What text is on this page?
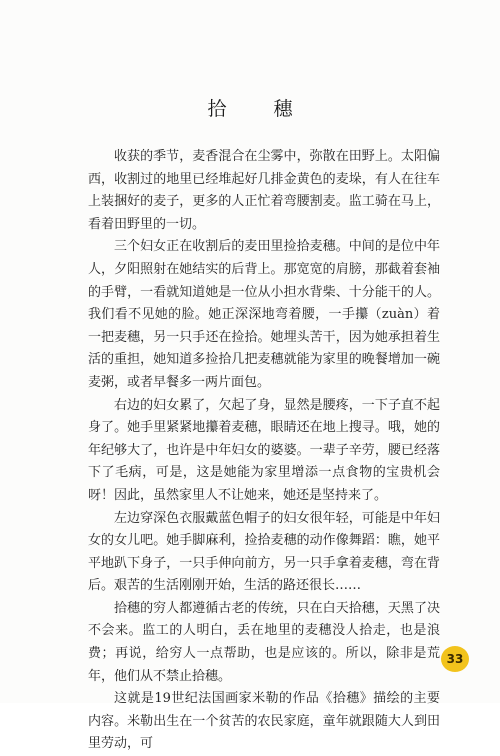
拾　穗

收获的季节，麦香混合在尘雾中，弥散在田野上。太阳偏西，收割过的地里已经堆起好几排金黄色的麦垛，有人在往车上装捆好的麦子，更多的人正忙着弯腰割麦。监工骑在马上，看着田野里的一切。

三个妇女正在收割后的麦田里捡拾麦穗。中间的是位中年人，夕阳照射在她结实的后背上。那宽宽的肩膀，那截着套袖的手臂，一看就知道她是一位从小担水背柴、十分能干的人。我们看不见她的脸。她正深深地弯着腰，一手攥（zuàn）着一把麦穗，另一只手还在捡拾。她埋头苦干，因为她承担着生活的重担，她知道多捡拾几把麦穗就能为家里的晚餐增加一碗麦粥，或者早餐多一两片面包。

右边的妇女累了，欠起了身，显然是腰疼，一下子直不起身了。她手里紧紧地攥着麦穗，眼睛还在地上搜寻。哦，她的年纪够大了，也许是中年妇女的婆婆。一辈子辛劳，腰已经落下了毛病，可是，这是她能为家里增添一点食物的宝贵机会呀！因此，虽然家里人不让她来，她还是坚持来了。

左边穿深色衣服戴蓝色帽子的妇女很年轻，可能是中年妇女的女儿吧。她手脚麻利，捡拾麦穗的动作像舞蹈：瞧，她平平地趴下身子，一只手伸向前方，另一只手拿着麦穗，弯在背后。艰苦的生活刚刚开始，生活的路还很长……

拾穗的穷人都遵循古老的传统，只在白天拾穗，天黑了决不会来。监工的人明白，丢在地里的麦穗没人拾走，也是浪费；再说，给穷人一点帮助，也是应该的。所以，除非是荒年，他们从不禁止拾穗。

这就是19世纪法国画家米勒的作品《拾穗》描绘的主要内容。米勒出生在一个贫苦的农民家庭，童年就跟随大人到田里劳动，可

33
